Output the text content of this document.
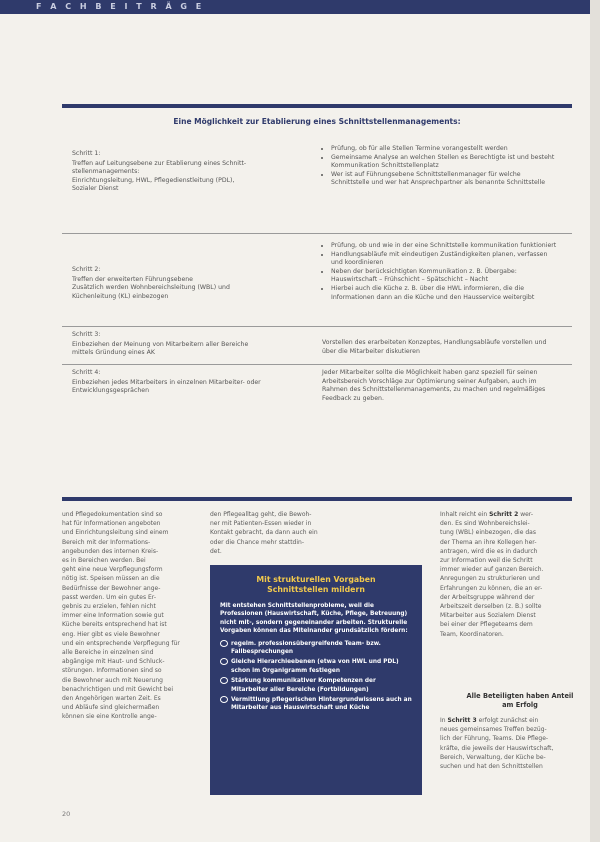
F A C H B E I T R Ä G E
Eine Möglichkeit zur Etablierung eines Schnittstellenmanagements:
Schritt 1:
Treffen auf Leitungsebene zur Etablierung eines Schnitt-
stellenmanagements:
Einrichtungsleitung, HWL, Pflegedienstleitung (PDL),
Sozialer Dienst
• Prüfung, ob für alle Stellen Termine vorangestellt werden
• Gemeinsame Analyse an welchen Stellen es Berechtigte ist und besteht Kommunikation Schnittstellenplatz
• Wer ist auf Führungsebene Schnittstellenmanager für welche Schnittstelle und wer hat Ansprechpartner als benannte Schnittstelle
Schritt 2:
Treffen der erweiterten Führungsebene
Zusätzlich werden Wohnbereichsleitung (WBL) und
Küchenleitung (KL) einbezogen
• Prüfung, ob und wie in der eine Schnittstelle kommunikation funktioniert
• Handlungsabläufe mit eindeutigen Zuständigkeiten planen, verfassen und koordinieren
• Neben der berücksichtigten Kommunikation z. B. Übergabe: Hauswirtschaft – Frühschicht – Spätschicht – Nacht
• Hierbei auch die Küche z. B. über die HWL informieren, die die Informationen dann an die Küche und den Hausservice weitergibt
Schritt 3:
Einbeziehen der Meinung von Mitarbeitern aller Bereiche
mittels Gründung eines AK
Vorstellen des erarbeiteten Konzeptes, Handlungsabläufe vorstellen und über die Mitarbeiter diskutieren
Schritt 4:
Einbeziehen jedes Mitarbeiters in einzelnen Mitarbeiter- oder
Entwicklungsgesprächen
Jeder Mitarbeiter sollte die Möglichkeit haben ganz speziell für seinen Arbeitsbereich Vorschläge zur Optimierung seiner Aufgaben, auch im Rahmen des Schnittstellenmanagements, zu machen und regelmäßiges Feedback zu geben.
und Pflegedokumentation sind so
hat für Informationen angeboten
und Einrichtungsleitung sind einem
Bereich mit der Informations-
angebunden des internen Kreis-
es in Bereichen werden. Bei
geht eine neue Verpflegungsform
nötig ist. Speisen müssen an die
Bedürfnisse der Bewohner ange-
passt werden. Um ein gutes Er-
gebnis zu erzielen, fehlen nicht
immer eine Information sowie gut
Küche bereits entsprechend hat ist
eng. Hier gibt es viele Bewohner
und ein entsprechende Verpflegung für
alle Bereiche in einzelnen sind
abgängige mit Haut- und Schluck-
störungen. Informationen sind so
die Bewohner auch mit Neuerung
benachrichtigen und mit Gewicht bei
den Angehörigen warten Zeit. Es
und Abläufe sind gleichermaßen
können sie eine Kontrolle ange-
den Pflegealltag geht, die Bewoh-
ner mit Patienten-Essen wieder in
Kontakt gebracht, da dann auch ein
oder die Chance mehr stattdin-
det.
Mit strukturellen Vorgaben
Schnittstellen mildern
Mit entstehen Schnittstellenprobleme, weil die Professionen (Hauswirtschaft, Küche, Pflege, Betreuung) nicht mit-, sondern gegeneinander arbeiten. Strukturelle Vorgaben können das Miteinander grundsätzlich fördern:
regelm. professionsübergreifende Team- bzw. Fallbesprechungen
Gleiche Hierarchieebenen (etwa von HWL und PDL) schon im Organigramm festlegen
Stärkung kommunikativer Kompetenzen der Mitarbeiter aller Bereiche (Fortbildungen)
Vermittlung pflegerischen Hintergrundwissens auch an Mitarbeiter aus Hauswirtschaft und Küche
Inhalt reicht ein Schritt 2 wer-
den. Es sind Wohnbereichslei-
tung (WBL) einbezogen, die das
der Thema an ihre Kollegen her-
antragen, wird die es in dadurch
zur Information weil die Schritt
immer wieder auf ganzen Bereich.
Anregungen zu strukturieren und
Erfahrungen zu können, die an er-
der Arbeitsgruppe während der
Arbeitszeit derselben (z. B.) sollte
Mitarbeiter aus Sozialem Dienst
bei einer der Pflegeteams dem
Team, Koordinatoren.
Alle Beteiligten haben Anteil am Erfolg
In Schritt 3 erfolgt zunächst ein
neues gemeinsames Treffen bezüg-
lich der Führung, Teams. Die Pflege-
kräfte, die jeweils der Hauswirtschaft,
Bereich, Verwaltung, der Küche be-
suchen und hat den Schnittstellen
20
